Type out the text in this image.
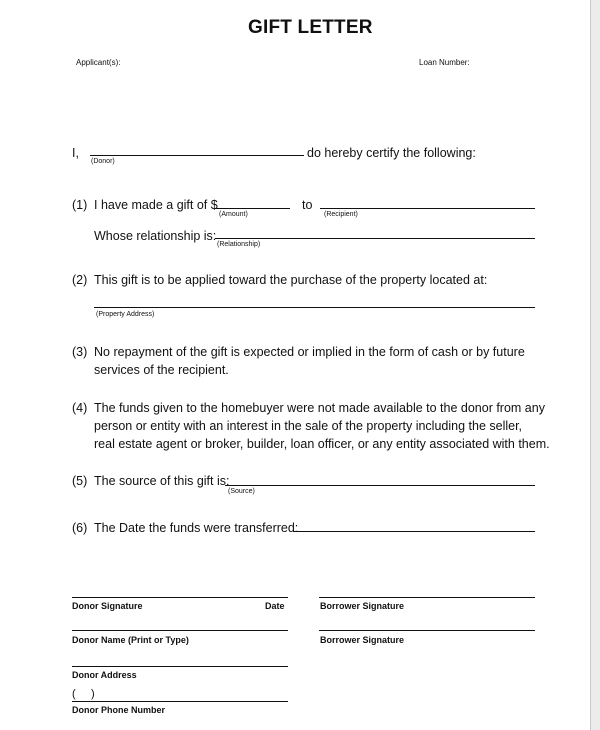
GIFT LETTER
Applicant(s):	Loan Number:
I,
(Donor)
do hereby certify the following:
(1) I have made a gift of $
(Amount)
to
(Recipient)
Whose relationship is:
(Relationship)
(2) This gift is to be applied toward the purchase of the property located at:
(Property Address)
(3) No repayment of the gift is expected or implied in the form of cash or by future
services of the recipient.
(4) The funds given to the homebuyer were not made available to the donor from any
person or entity with an interest in the sale of the property including the seller,
real estate agent or broker, builder, loan officer, or any entity associated with them.
(5) The source of this gift is:
(Source)
(6) The Date the funds were transferred:
Donor Signature	Date	Borrower Signature
Donor Name (Print or Type)	Borrower Signature
Donor Address
(     )
Donor Phone Number
